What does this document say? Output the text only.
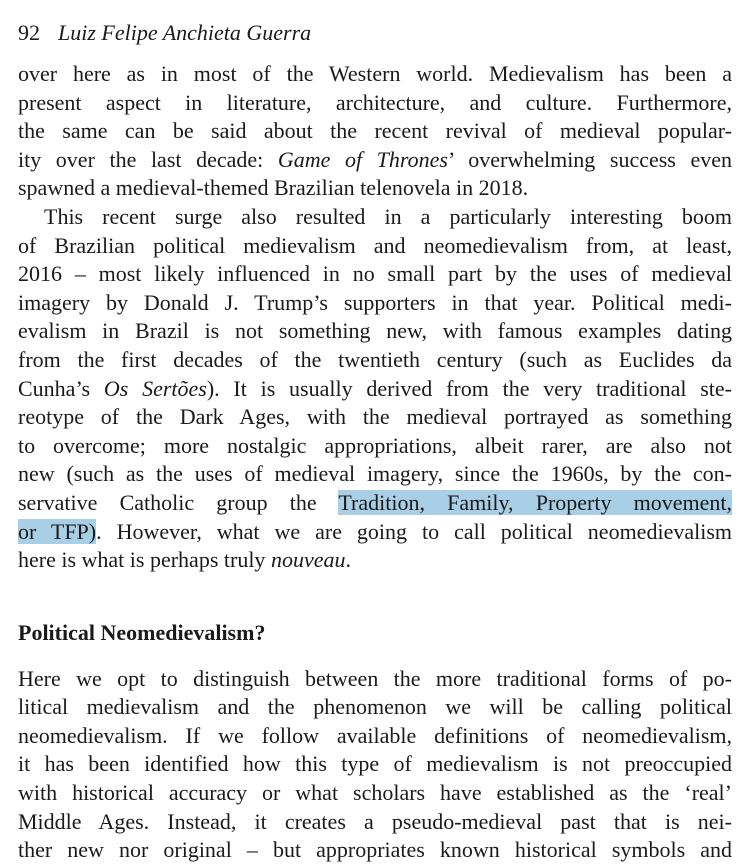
92 Luiz Felipe Anchieta Guerra
over here as in most of the Western world. Medievalism has been a
present aspect in literature, architecture, and culture. Furthermore,
the same can be said about the recent revival of medieval popular-
ity over the last decade: Game of Thrones’ overwhelming success even
spawned a medieval-themed Brazilian telenovela in 2018.
This recent surge also resulted in a particularly interesting boom
of Brazilian political medievalism and neomedievalism from, at least,
2016 – most likely influenced in no small part by the uses of medieval
imagery by Donald J. Trump’s supporters in that year. Political medi-
evalism in Brazil is not something new, with famous examples dating
from the first decades of the twentieth century (such as Euclides da
Cunha’s Os Sertões). It is usually derived from the very traditional ste-
reotype of the Dark Ages, with the medieval portrayed as something
to overcome; more nostalgic appropriations, albeit rarer, are also not
new (such as the uses of medieval imagery, since the 1960s, by the con-
servative Catholic group the Tradition, Family, Property movement,
or TFP). However, what we are going to call political neomedievalism
here is what is perhaps truly nouveau.
Political Neomedievalism?
Here we opt to distinguish between the more traditional forms of po-
litical medievalism and the phenomenon we will be calling political
neomedievalism. If we follow available definitions of neomedievalism,
it has been identified how this type of medievalism is not preoccupied
with historical accuracy or what scholars have established as the ‘real’
Middle Ages. Instead, it creates a pseudo-medieval past that is nei-
ther new nor original – but appropriates known historical symbols and
